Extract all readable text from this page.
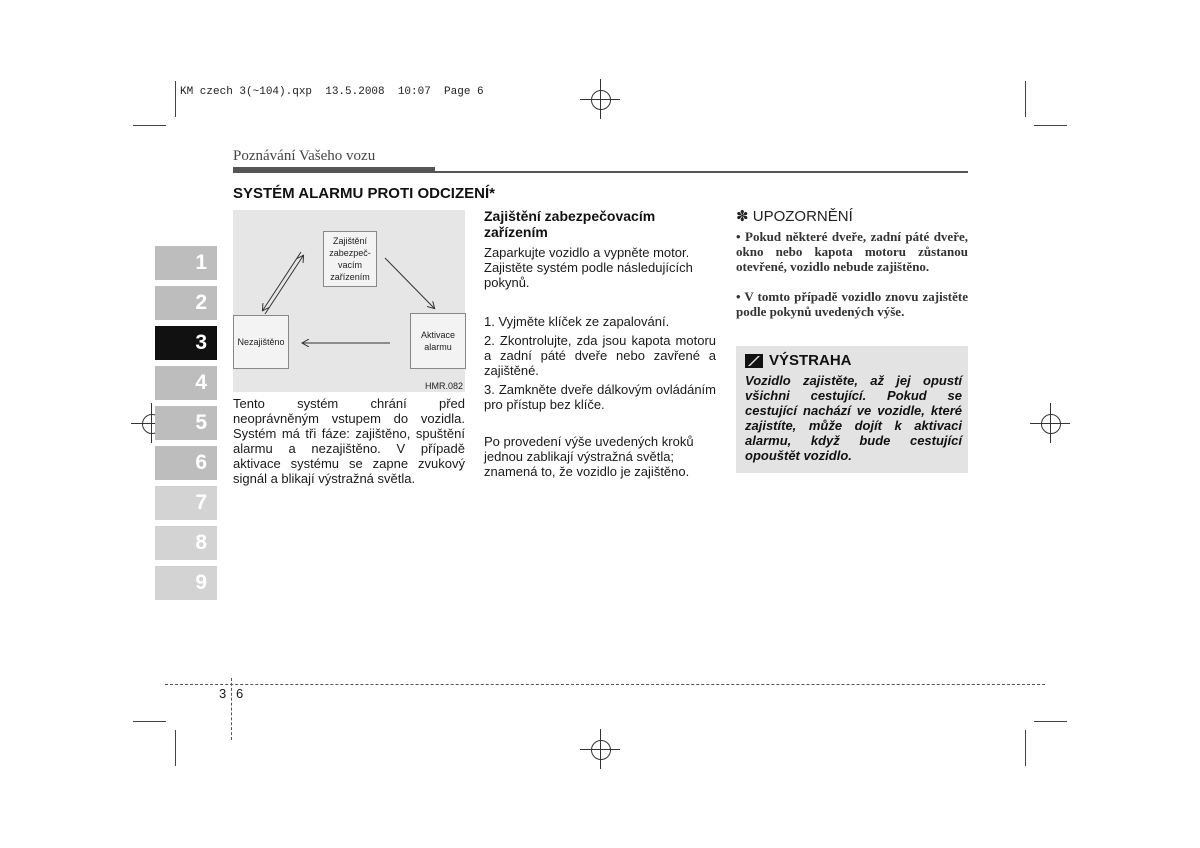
KM czech 3(~104).qxp  13.5.2008  10:07  Page 6
Poznávání Vašeho vozu
SYSTÉM ALARMU PROTI ODCIZENÍ*
1
2
3
4
5
6
7
8
9
Zajištění
zabezpeč-
vacím
zařízením
Nezajištěno
Aktivace
alarmu
HMR.082
Tento systém chrání před neoprávněným vstupem do vozidla. Systém má tři fáze: zajištěno, spuštění alarmu a nezajištěno. V případě aktivace systému se zapne zvukový signál a blikají výstražná světla.
Zajištění zabezpečovacím zařízením
Zaparkujte vozidlo a vypněte motor. Zajistěte systém podle následujících pokynů.
1. Vyjměte klíček ze zapalování.
2. Zkontrolujte, zda jsou kapota motoru a zadní páté dveře nebo zavřené a zajištěné.
3. Zamkněte dveře dálkovým ovládáním pro přístup bez klíče.
Po provedení výše uvedených kroků jednou zablikají výstražná světla; znamená to, že vozidlo je zajištěno.
✽ UPOZORNĚNÍ
• Pokud některé dveře, zadní páté dveře, okno nebo kapota motoru zůstanou otevřené, vozidlo nebude zajištěno.
• V tomto případě vozidlo znovu zajistěte podle pokynů uvedených výše.
VÝSTRAHA
Vozidlo zajistěte, až jej opustí všichni cestující. Pokud se cestující nachází ve vozidle, které zajistíte, může dojít k aktivaci alarmu, když bude cestující opouštět vozidlo.
3 6
